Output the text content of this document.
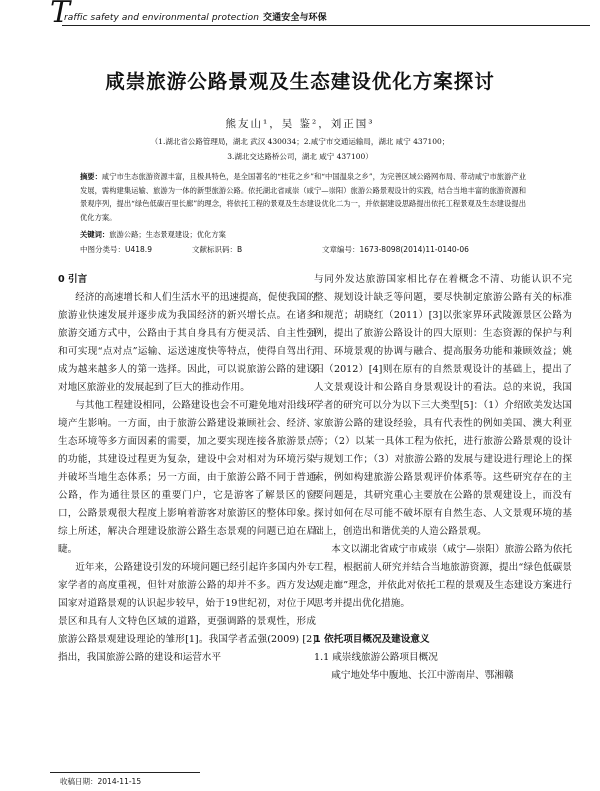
T
raffic safety and environmental protection 交通安全与环保
咸崇旅游公路景观及生态建设优化方案探讨
熊友山¹，吴 鉴²，刘正国³
（1.湖北省公路管理局，湖北 武汉 430034；2.咸宁市交通运输局，湖北 咸宁 437100；
3.湖北交达路桥公司，湖北 咸宁 437100）
摘要：咸宁市生态旅游资源丰富，且极具特色，是全国著名的“桂花之乡”和“中国温泉之乡”，为完善区域公路网布局、带动咸宁市旅游产业发展，需构建集运输、旅游为一体的新型旅游公路。依托湖北省咸崇（咸宁—崇阳）旅游公路景观设计的实践，结合当地丰富的旅游资源和景观序列，提出“绿色低碳百里长廊”的理念，将依托工程的景观及生态建设优化二为一，并依据建设思路提出依托工程景观及生态建设提出优化方案。
关键词：旅游公路；生态景观建设；优化方案
中图分类号：U418.9	文献标识码：B	文章编号：1673-8098(2014)11-0140-06

0 引言

经济的高速增长和人们生活水平的迅速提高，促使我国的旅游业快速发展并逐步成为我国经济的新兴增长点。在诸多旅游交通方式中，公路由于其自身具有方便灵活、自主性强和可实现“点对点”运输、运送速度快等特点，使得自驾出行成为越来越多人的第一选择。因此，可以说旅游公路的建设对地区旅游业的发展起到了巨大的推动作用。

与其他工程建设相同，公路建设也会不可避免地对沿线环境产生影响。一方面，由于旅游公路建设兼顾社会、经济、生态环境等多方面因素的需要，加之要实现连接各旅游景点的功能，其建设过程更为复杂，建设中会对相对为环境污染并破坏当地生态体系；另一方面，由于旅游公路不同于普通公路，作为通往景区的重要门户，它是游客了解景区的窗口，公路景观很大程度上影响着游客对旅游区的整体印象。综上所述，解决合理建设旅游公路生态景观的问题已迫在眉睫。

近年来，公路建设引发的环境问题已经引起许多国内外专家学者的高度重视，但针对旅游公路的却并不多。西方发达国家对道路景观的认识起步较早，始于19世纪初，对位于风景区和具有人文特色区域的道路，更强调路的景观性，形成旅游公路景观建设理论的雏形[1]。我国学者孟强(2009) [2]指出，我国旅游公路的建设和运营水平

与同外发达旅游国家相比存在着概念不清、功能认识不完整、规划设计缺乏等问题，要尽快制定旅游公路有关的标准和规范；胡晓红（2011）[3]以张家界环武陵源景区公路为例，提出了旅游公路设计的四大原则：生态资源的保护与利用、环境景观的协调与融合、提高服务功能和兼顾效益；姚阳（2012）[4]则在原有的自然景观设计的基础上，提出了人文景观设计和公路自身景观设计的看法。总的来说，我国学者的研究可以分为以下三大类型[5]：（1）介绍欧美发达国家旅游公路的建设经验，具有代表性的例如美国、澳大利亚等；（2）以某一具体工程为依托，进行旅游公路景观的设计与规划工作；（3）对旅游公路的发展与建设进行理论上的探索，例如构建旅游公路景观评价体系等。这些研究存在的主要问题是，其研究重心主要放在公路的景观建设上，而没有探讨如何在尽可能不破坏原有自然生态、人文景观环境的基础上，创造出和谐优美的人造公路景观。

本文以湖北省咸宁市咸崇（咸宁—崇阳）旅游公路为依托工程，根据前人研究并结合当地旅游资源，提出“绿色低碳景观走廊”理念，并依此对依托工程的景观及生态建设方案进行思考并提出优化措施。

1 依托项目概况及建设意义

1.1 咸崇线旅游公路项目概况

咸宁地处华中腹地、长江中游南岸、鄂湘赣

收稿日期：2014-11-15
